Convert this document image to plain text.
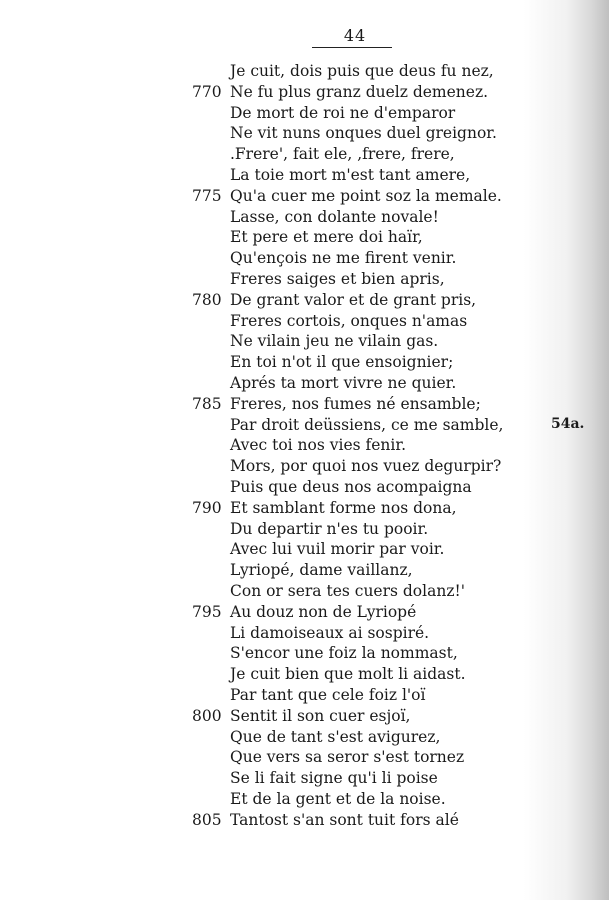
44
Je cuit, dois puis que deus fu nez,
770 Ne fu plus granz duelz demenez.
De mort de roi ne d'emparor
Ne vit nuns onques duel greignor.
.Frere', fait ele, ,frere, frere,
La toie mort m'est tant amere,
775 Qu'a cuer me point soz la memale.
Lasse, con dolante novale!
Et pere et mere doi haïr,
Qu'ençois ne me firent venir.
Freres saiges et bien apris,
780 De grant valor et de grant pris,
Freres cortois, onques n'amas
Ne vilain jeu ne vilain gas.
En toi n'ot il que ensoignier;
Aprés ta mort vivre ne quier.
785 Freres, nos fumes né ensamble;
Par droit deüssiens, ce me samble,
Avec toi nos vies fenir.
Mors, por quoi nos vuez degurpir?
Puis que deus nos acompaigna
790 Et samblant forme nos dona,
Du departir n'es tu pooir.
Avec lui vuil morir par voir.
Lyriopé, dame vaillanz,
Con or sera tes cuers dolanz!'
795 Au douz non de Lyriopé
Li damoiseaux ai sospiré.
S'encor une foiz la nommast,
Je cuit bien que molt li aidast.
Par tant que cele foiz l'oï
800 Sentit il son cuer esjoï,
Que de tant s'est avigurez,
Que vers sa seror s'est tornez
Se li fait signe qu'i li poise
Et de la gent et de la noise.
805 Tantost s'an sont tuit fors alé
54a.
